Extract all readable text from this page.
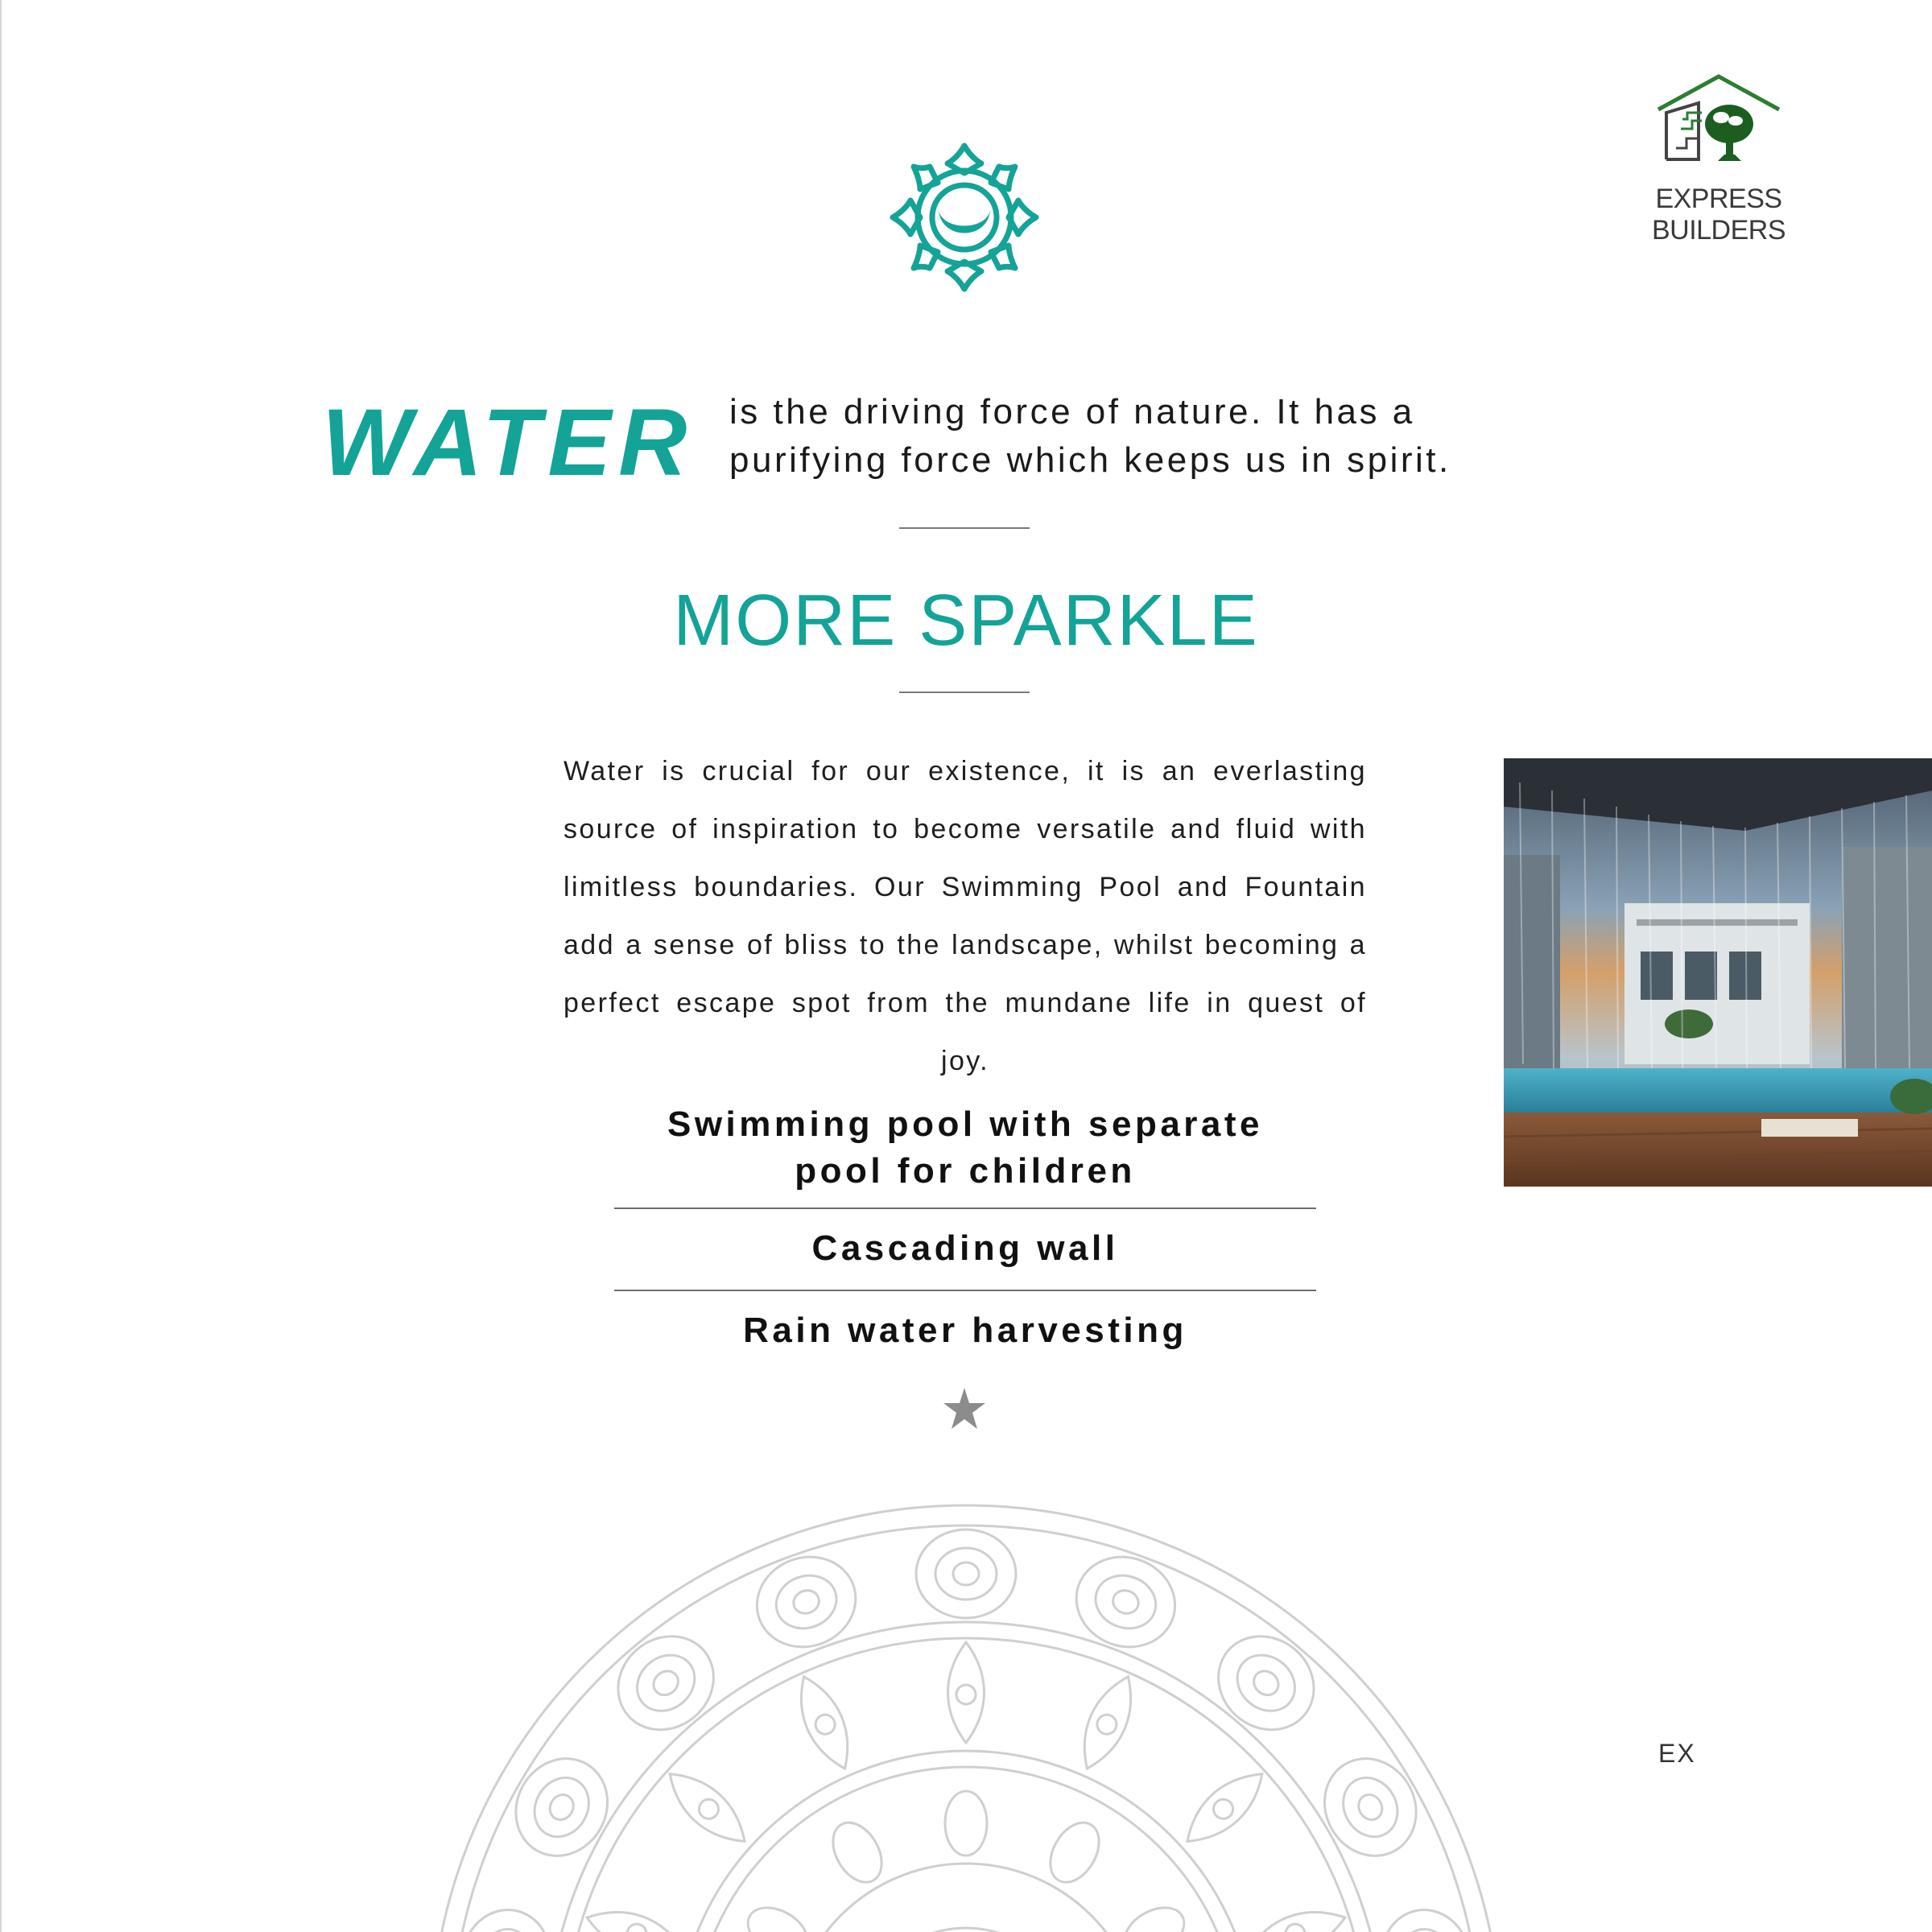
EXPRESS BUILDERS
WATER is the driving force of nature. It has a
purifying force which keeps us in spirit.
MORE SPARKLE
Water is crucial for our existence, it is an everlasting source of inspiration to become versatile and fluid with limitless boundaries. Our Swimming Pool and Fountain add a sense of bliss to the landscape, whilst becoming a perfect escape spot from the mundane life in quest of joy.
Swimming pool with separate
pool for children
Cascading wall
Rain water harvesting
EX
